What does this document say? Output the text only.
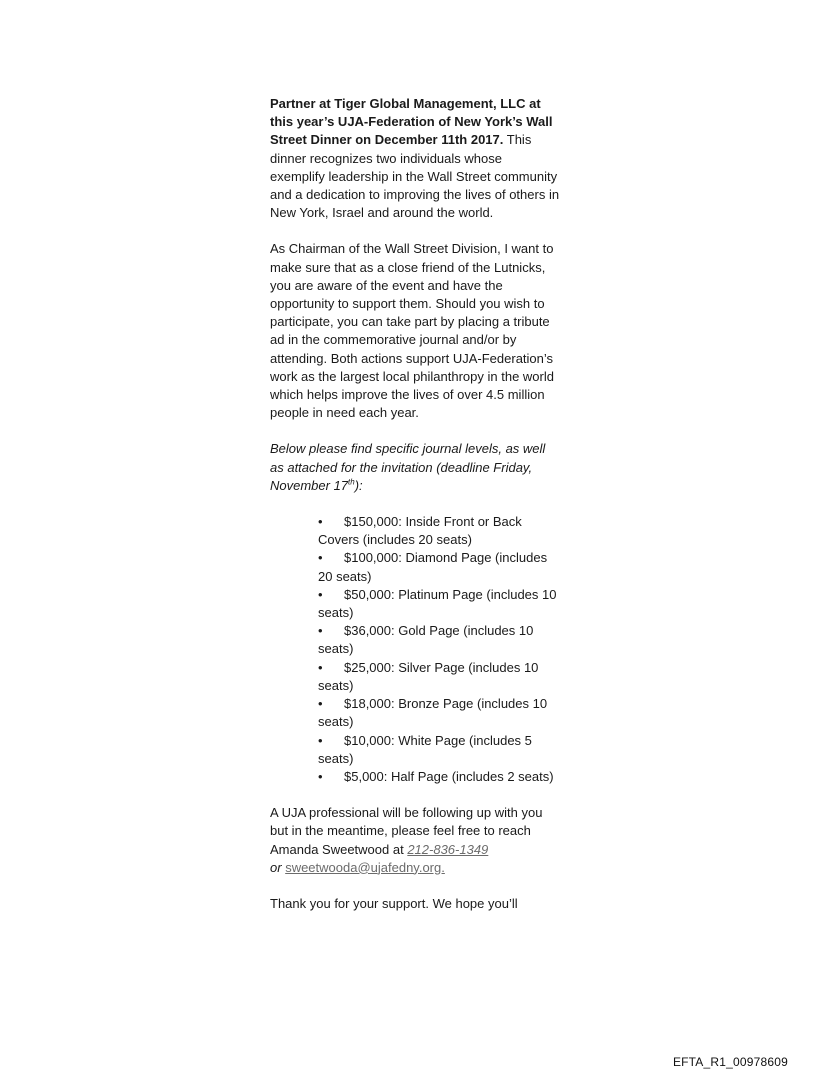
Partner at Tiger Global Management, LLC at this year’s UJA-Federation of New York’s Wall Street Dinner on December 11th 2017. This dinner recognizes two individuals whose exemplify leadership in the Wall Street community and a dedication to improving the lives of others in New York, Israel and around the world.

As Chairman of the Wall Street Division, I want to make sure that as a close friend of the Lutnicks, you are aware of the event and have the opportunity to support them. Should you wish to participate, you can take part by placing a tribute ad in the commemorative journal and/or by attending. Both actions support UJA-Federation’s work as the largest local philanthropy in the world which helps improve the lives of over 4.5 million people in need each year.

Below please find specific journal levels, as well as attached for the invitation (deadline Friday, November 17th):

• $150,000: Inside Front or Back Covers (includes 20 seats)
• $100,000: Diamond Page (includes 20 seats)
• $50,000: Platinum Page (includes 10 seats)
• $36,000: Gold Page (includes 10 seats)
• $25,000: Silver Page (includes 10 seats)
• $18,000: Bronze Page (includes 10 seats)
• $10,000: White Page (includes 5 seats)
• $5,000: Half Page (includes 2 seats)

A UJA professional will be following up with you but in the meantime, please feel free to reach Amanda Sweetwood at 212-836-1349
or sweetwooda@ujafedny.org.

Thank you for your support. We hope you’ll

EFTA_R1_00978609
